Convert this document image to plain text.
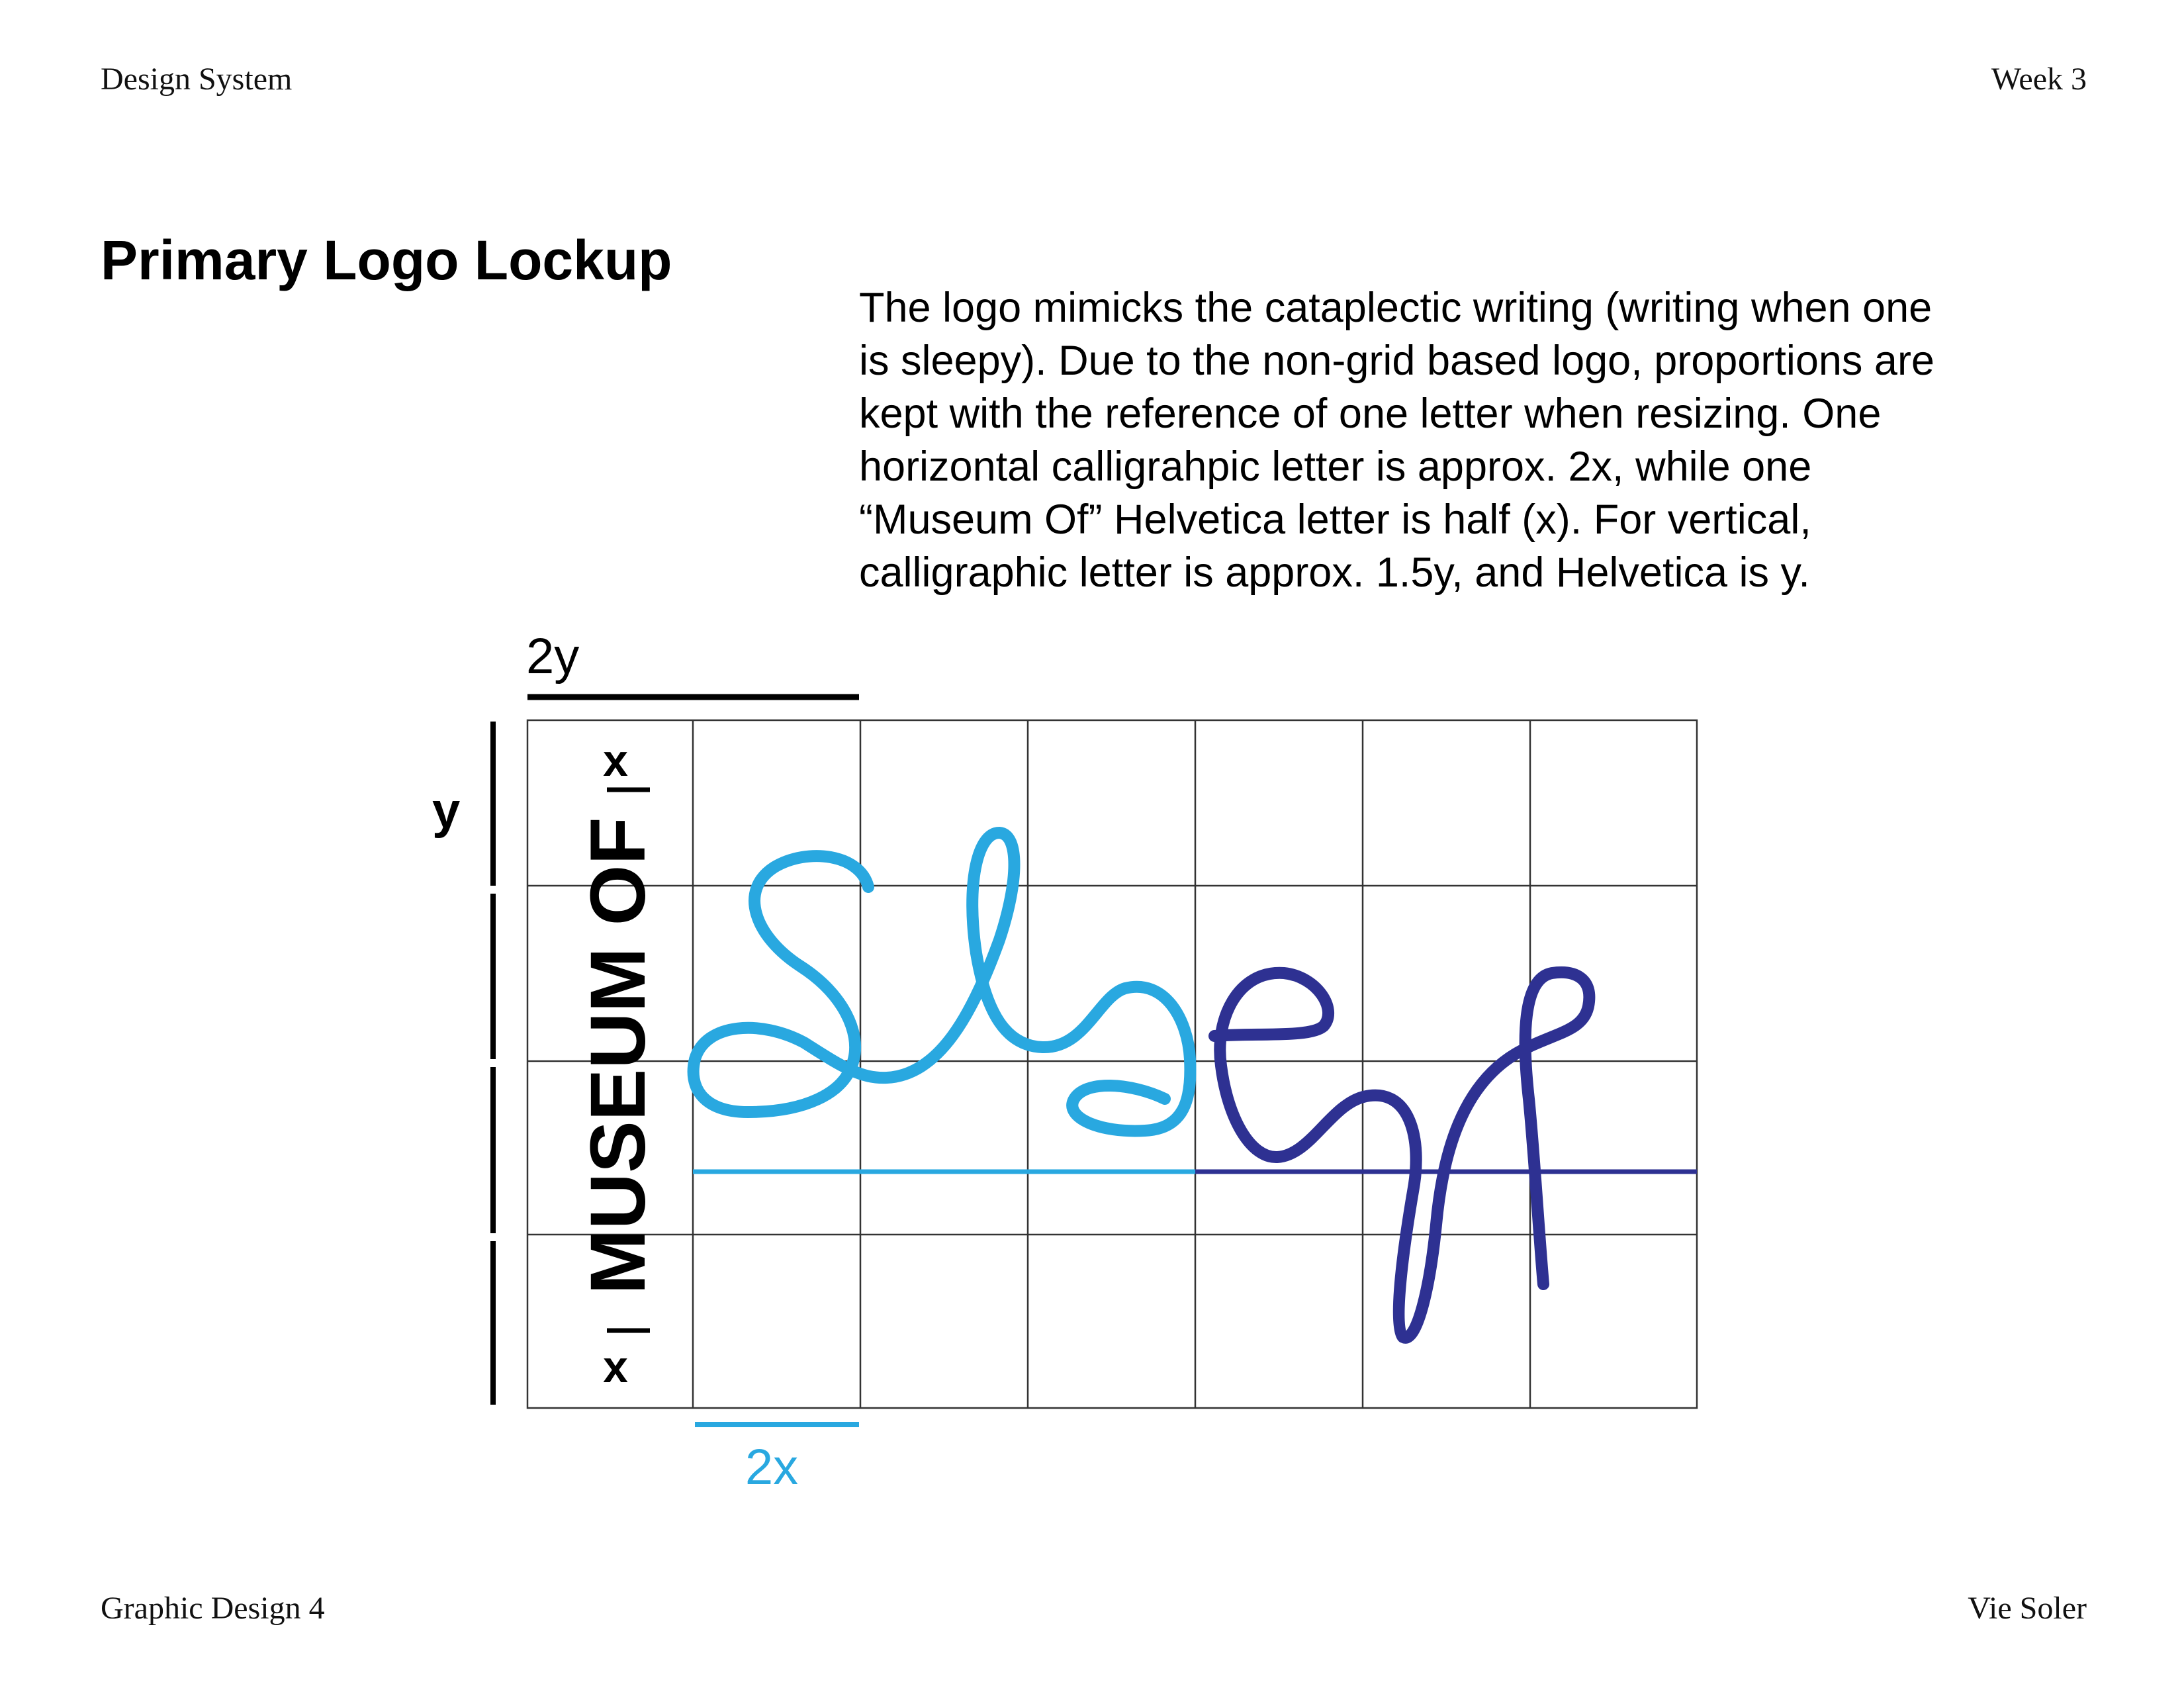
Design System	Week 3
Primary Logo Lockup
The logo mimicks the cataplectic writing (writing when one
is sleepy). Due to the non-grid based logo, proportions are
kept with the reference of one letter when resizing. One
horizontal calligrahpic letter is approx. 2x, while one
“Museum Of” Helvetica letter is half (x). For vertical,
calligraphic letter is approx. 1.5y, and Helvetica is y.
2y
y
MUSEUM OF
x
x
2x
Graphic Design 4	Vie Soler
